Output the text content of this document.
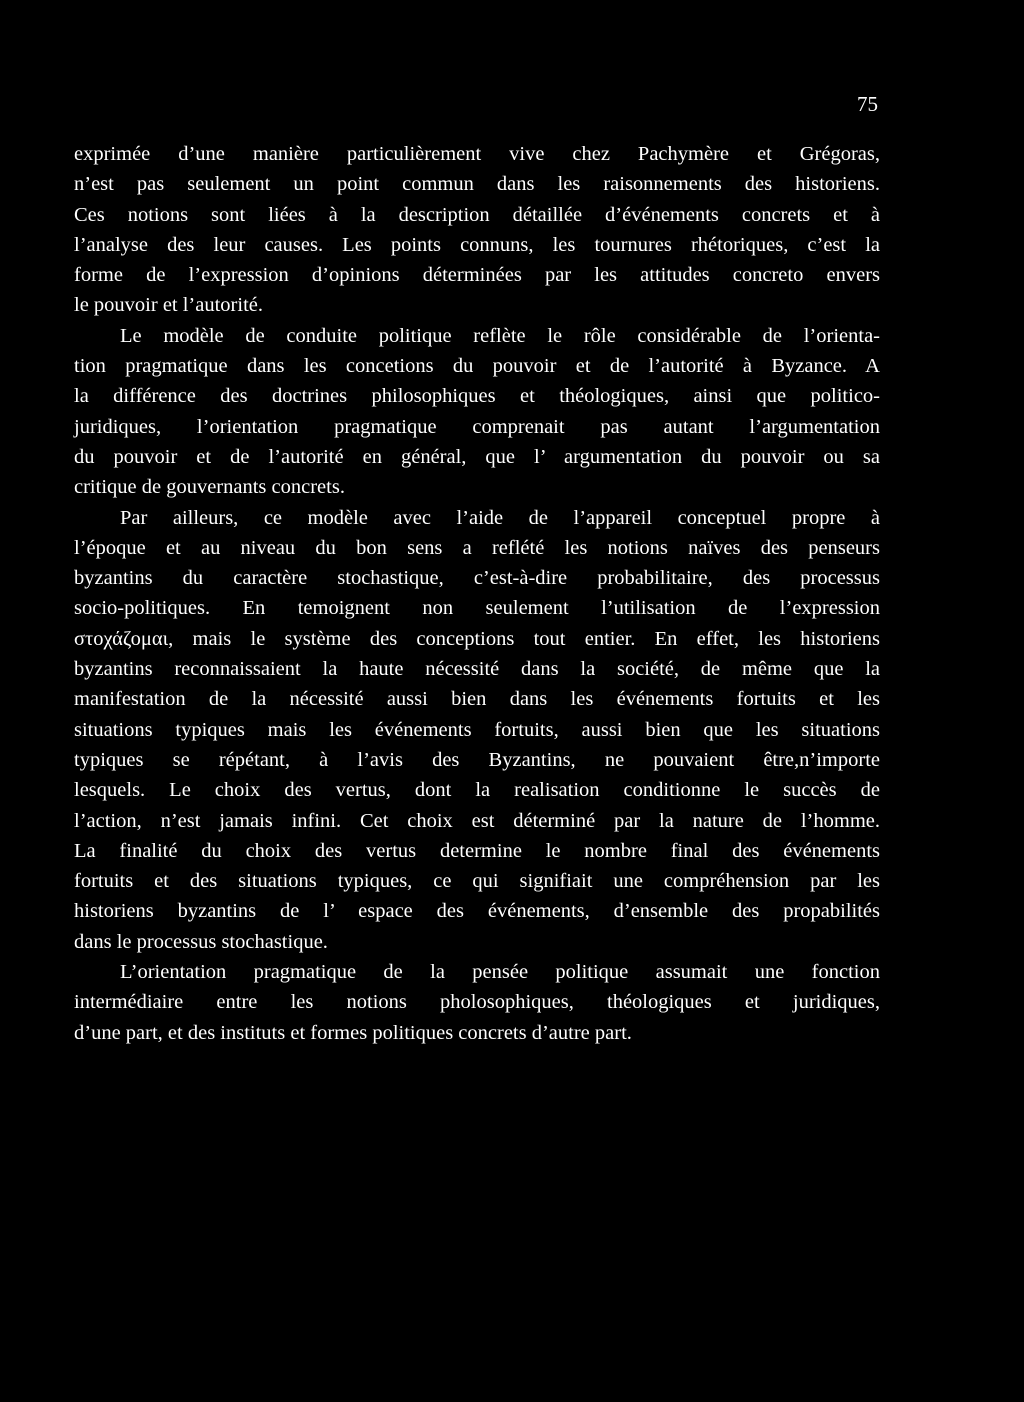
75
exprimée d’une manière particulièrement vive chez Pachymère et Grégoras,
n’est pas seulement un point commun dans les raisonnements des historiens.
Ces notions sont liées à la description détaillée d’événements concrets et à
l’analyse des leur causes. Les points connuns, les tournures rhétoriques, c’est la
forme de l’expression d’opinions déterminées par les attitudes concreto envers
le pouvoir et l’autorité.
Le modèle de conduite politique reflète le rôle considérable de l’orienta-
tion pragmatique dans les concetions du pouvoir et de l’autorité à Byzance. A
la différence des doctrines philosophiques et théologiques, ainsi que politico-
juridiques, l’orientation pragmatique comprenait pas autant l’argumentation
du pouvoir et de l’autorité en général, que l’ argumentation du pouvoir ou sa
critique de gouvernants concrets.
Par ailleurs, ce modèle avec l’aide de l’appareil conceptuel propre à
l’époque et au niveau du bon sens a reflété les notions naïves des penseurs
byzantins du caractère stochastique, c’est-à-dire probabilitaire, des processus
socio-politiques. En temoignent non seulement l’utilisation de l’expression
στοχάζομαι, mais le système des conceptions tout entier. En effet, les historiens
byzantins reconnaissaient la haute nécessité dans la société, de même que la
manifestation de la nécessité aussi bien dans les événements fortuits et les
situations typiques mais les événements fortuits, aussi bien que les situations
typiques se répétant, à l’avis des Byzantins, ne pouvaient être,n’importe
lesquels. Le choix des vertus, dont la realisation conditionne le succès de
l’action, n’est jamais infini. Cet choix est déterminé par la nature de l’homme.
La finalité du choix des vertus determine le nombre final des événements
fortuits et des situations typiques, ce qui signifiait une compréhension par les
historiens byzantins de l’ espace des événements, d’ensemble des propabilités
dans le processus stochastique.
L’orientation pragmatique de la pensée politique assumait une fonction
intermédiaire entre les notions pholosophiques, théologiques et juridiques,
d’une part, et des instituts et formes politiques concrets d’autre part.
